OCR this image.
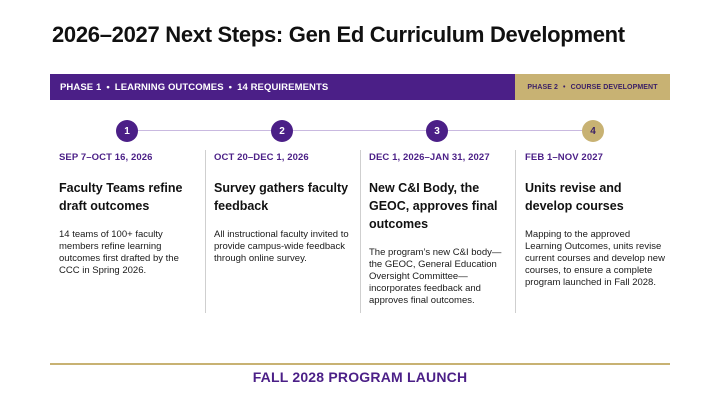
2026–2027 Next Steps: Gen Ed Curriculum Development
PHASE 1 • LEARNING OUTCOMES • 14 REQUIREMENTS	PHASE 2 • COURSE DEVELOPMENT
1	2	3	4
SEP 7–OCT 16, 2026
Faculty Teams refine draft outcomes
14 teams of 100+ faculty members refine learning outcomes first drafted by the CCC in Spring 2026.
OCT 20–DEC 1, 2026
Survey gathers faculty feedback
All instructional faculty invited to provide campus-wide feedback through online survey.
DEC 1, 2026–JAN 31, 2027
New C&I Body, the GEOC, approves final outcomes
The program’s new C&I body—the GEOC, General Education Oversight Committee—incorporates feedback and approves final outcomes.
FEB 1–NOV 2027
Units revise and develop courses
Mapping to the approved Learning Outcomes, units revise current courses and develop new courses, to ensure a complete program launched in Fall 2028.
FALL 2028 PROGRAM LAUNCH
